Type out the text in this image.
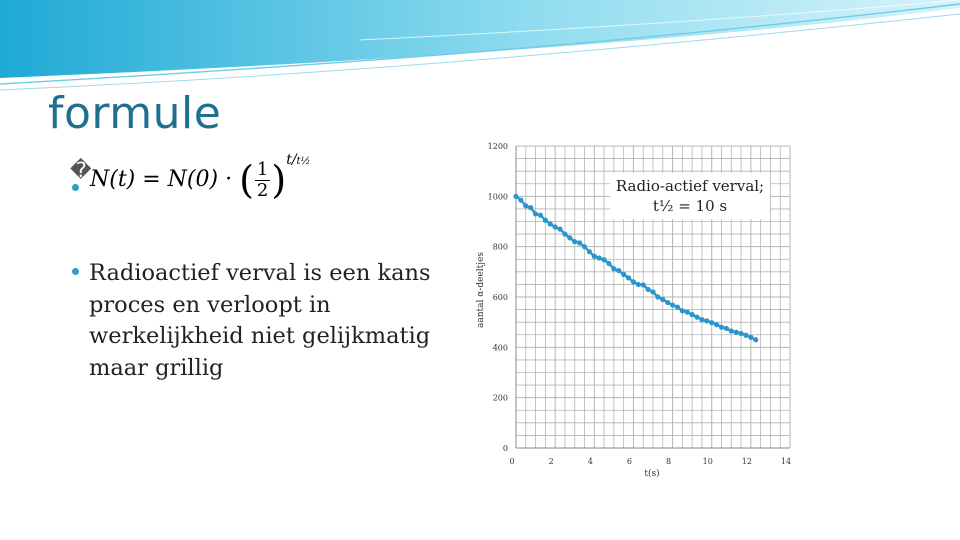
formule
�
N(t) = N(0) · ( $\frac{1}{2} )^{t/t\frac{1}{2}}$

Radioactief verval is een kans proces en verloopt in werkelijkheid niet gelijkmatig maar grillig

0
200
400
600
800
1000
1200
0	2	4	6	8	10	12	14
aantal α-deeltjes
t(s)
Radio-actief verval; t½ = 10 s
